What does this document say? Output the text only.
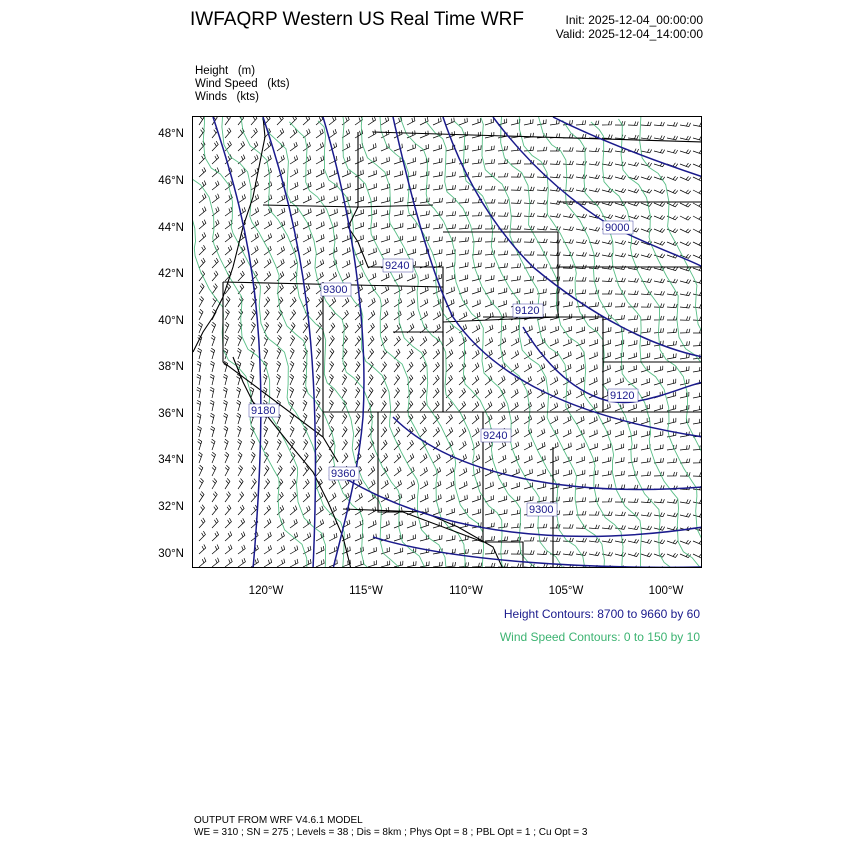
IWFAQRP Western US Real Time WRF	Init: 2025-12-04_00:00:00
Valid: 2025-12-04_14:00:00
Height (m)
Wind Speed (kts)
Winds (kts)
9000
9240
9300
9120
9120
9180
9240
9360
9300
48°N
46°N
44°N
42°N
40°N
38°N
36°N
34°N
32°N
30°N
120°W	115°W	110°W	105°W	100°W
Height Contours: 8700 to 9660 by 60
Wind Speed Contours: 0 to 150 by 10
OUTPUT FROM WRF V4.6.1 MODEL
WE = 310 ; SN = 275 ; Levels = 38 ; Dis = 8km ; Phys Opt = 8 ; PBL Opt = 1 ; Cu Opt = 3
